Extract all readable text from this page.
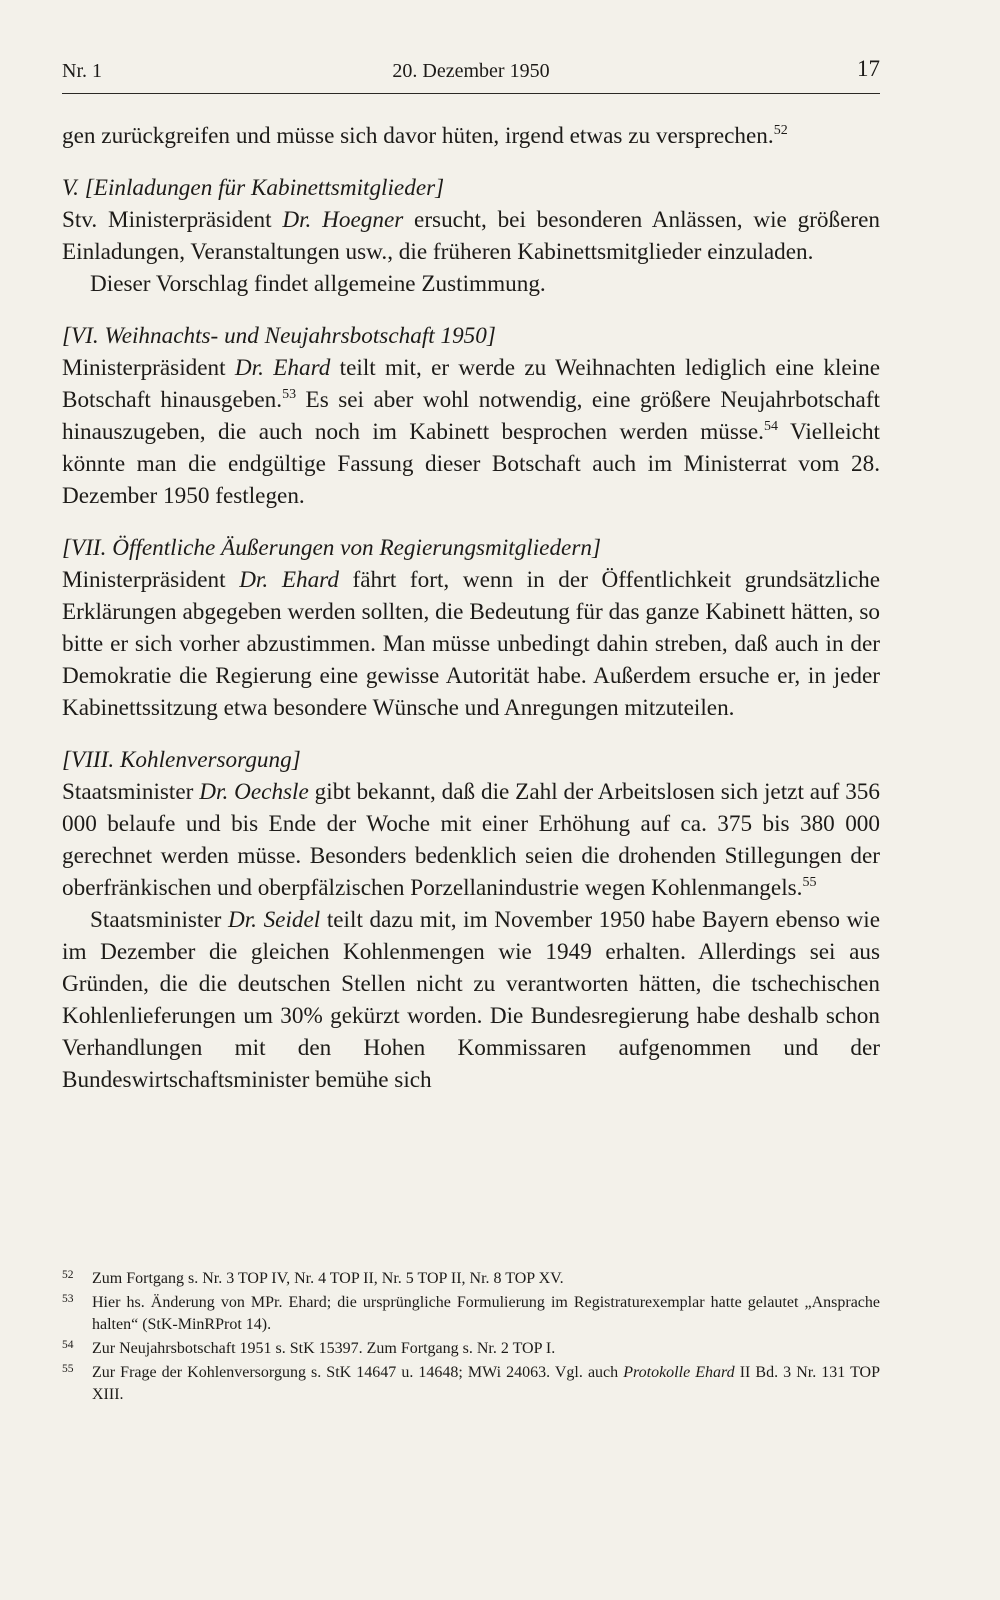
Nr. 1	20. Dezember 1950	17

gen zurückgreifen und müsse sich davor hüten, irgend etwas zu versprechen.$^{52}$

V. [Einladungen für Kabinettsmitglieder]

Stv. Ministerpräsident Dr. Hoegner ersucht, bei besonderen Anlässen, wie größeren Einladungen, Veranstaltungen usw., die früheren Kabinettsmitglieder einzuladen.

Dieser Vorschlag findet allgemeine Zustimmung.

[VI. Weihnachts- und Neujahrsbotschaft 1950]

Ministerpräsident Dr. Ehard teilt mit, er werde zu Weihnachten lediglich eine kleine Botschaft hinausgeben.$^{53}$ Es sei aber wohl notwendig, eine größere Neujahrbotschaft hinauszugeben, die auch noch im Kabinett besprochen werden müsse.$^{54}$ Vielleicht könnte man die endgültige Fassung dieser Botschaft auch im Ministerrat vom 28. Dezember 1950 festlegen.

[VII. Öffentliche Äußerungen von Regierungsmitgliedern]

Ministerpräsident Dr. Ehard fährt fort, wenn in der Öffentlichkeit grundsätzliche Erklärungen abgegeben werden sollten, die Bedeutung für das ganze Kabinett hätten, so bitte er sich vorher abzustimmen. Man müsse unbedingt dahin streben, daß auch in der Demokratie die Regierung eine gewisse Autorität habe. Außerdem ersuche er, in jeder Kabinettssitzung etwa besondere Wünsche und Anregungen mitzuteilen.

[VIII. Kohlenversorgung]

Staatsminister Dr. Oechsle gibt bekannt, daß die Zahl der Arbeitslosen sich jetzt auf 356 000 belaufe und bis Ende der Woche mit einer Erhöhung auf ca. 375 bis 380 000 gerechnet werden müsse. Besonders bedenklich seien die drohenden Stillegungen der oberfränkischen und oberpfälzischen Porzellanindustrie wegen Kohlenmangels.$^{55}$

Staatsminister Dr. Seidel teilt dazu mit, im November 1950 habe Bayern ebenso wie im Dezember die gleichen Kohlenmengen wie 1949 erhalten. Allerdings sei aus Gründen, die die deutschen Stellen nicht zu verantworten hätten, die tschechischen Kohlenlieferungen um 30% gekürzt worden. Die Bundesregierung habe deshalb schon Verhandlungen mit den Hohen Kommissaren aufgenommen und der Bundeswirtschaftsminister bemühe sich

52 Zum Fortgang s. Nr. 3 TOP IV, Nr. 4 TOP II, Nr. 5 TOP II, Nr. 8 TOP XV.

53 Hier hs. Änderung von MPr. Ehard; die ursprüngliche Formulierung im Registraturexemplar hatte gelautet „Ansprache halten“ (StK-MinRProt 14).

54 Zur Neujahrsbotschaft 1951 s. StK 15397. Zum Fortgang s. Nr. 2 TOP I.

55 Zur Frage der Kohlenversorgung s. StK 14647 u. 14648; MWi 24063. Vgl. auch Protokolle Ehard II Bd. 3 Nr. 131 TOP XIII.
